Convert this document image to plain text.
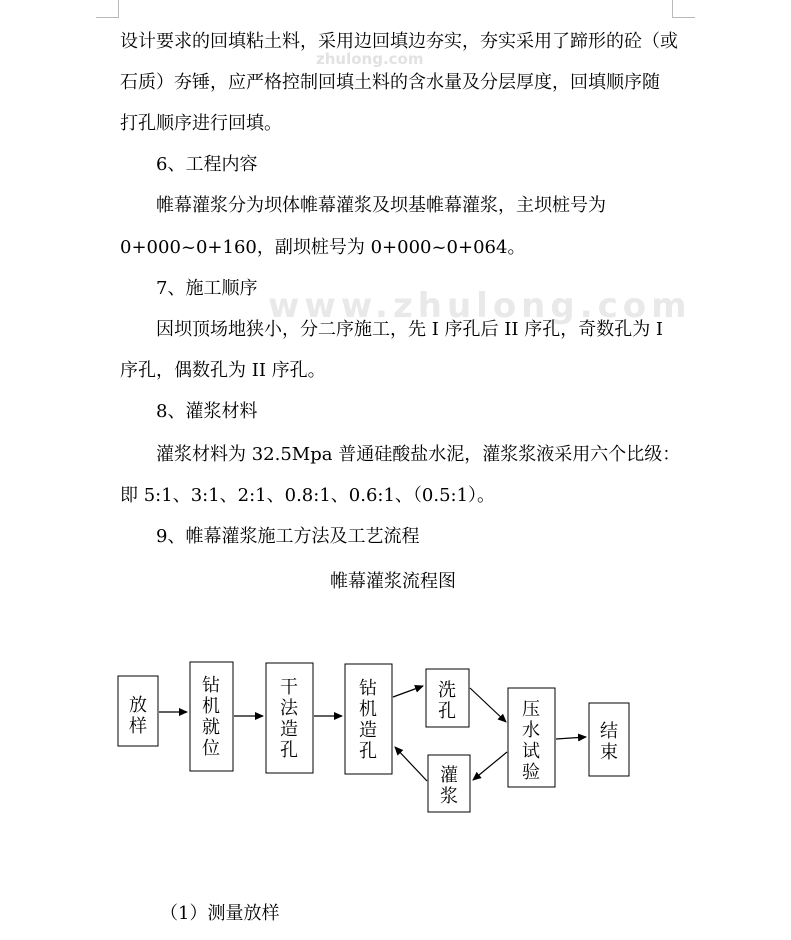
zhulong.com
www.zhulong.com
设计要求的回填粘土料，采用边回填边夯实，夯实采用了蹄形的砼（或
石质）夯锤，应严格控制回填土料的含水量及分层厚度，回填顺序随
打孔顺序进行回填。
6、工程内容
帷幕灌浆分为坝体帷幕灌浆及坝基帷幕灌浆，主坝桩号为
0+000~0+160，副坝桩号为 0+000~0+064。
7、施工顺序
因坝顶场地狭小，分二序施工，先 I 序孔后 II 序孔，奇数孔为 I
序孔，偶数孔为 II 序孔。
8、灌浆材料
灌浆材料为 32.5Mpa 普通硅酸盐水泥，灌浆浆液采用六个比级：
即 5:1、3:1、2:1、0.8:1、0.6:1、（0.5:1）。
9、帷幕灌浆施工方法及工艺流程
帷幕灌浆流程图
放样
钻机就位
干法造孔
钻机造孔
洗孔
灌浆
压水试验
结束
（1）测量放样
